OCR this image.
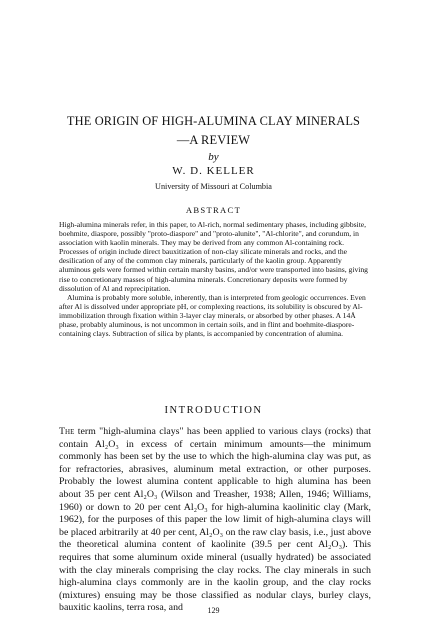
THE ORIGIN OF HIGH-ALUMINA CLAY MINERALS
—A REVIEW
by
W. D. KELLER
University of Missouri at Columbia
ABSTRACT

High-alumina minerals refer, in this paper, to Al-rich, normal sedimentary phases, including gibbsite, boehmite, diaspore, possibly "proto-diaspore" and "proto-alunite", "Al-chlorite", and corundum, in association with kaolin minerals. They may be derived from any common Al-containing rock. Processes of origin include direct bauxitization of non-clay silicate minerals and rocks, and the desilication of any of the common clay minerals, particularly of the kaolin group. Apparently aluminous gels were formed within certain marshy basins, and/or were transported into basins, giving rise to concretionary masses of high-alumina minerals. Concretionary deposits were formed by dissolution of Al and reprecipitation.

Alumina is probably more soluble, inherently, than is interpreted from geologic occurrences. Even after Al is dissolved under appropriate pH, or complexing reactions, its solubility is obscured by Al-immobilization through fixation within 3-layer clay minerals, or absorbed by other phases. A 14Å phase, probably aluminous, is not uncommon in certain soils, and in flint and boehmite-diaspore-containing clays. Subtraction of silica by plants, is accompanied by concentration of alumina.

INTRODUCTION

The term "high-alumina clays" has been applied to various clays (rocks) that contain Al₂O₃ in excess of certain minimum amounts—the minimum commonly has been set by the use to which the high-alumina clay was put, as for refractories, abrasives, aluminum metal extraction, or other purposes. Probably the lowest alumina content applicable to high alumina has been about 35 per cent Al₂O₃ (Wilson and Treasher, 1938; Allen, 1946; Williams, 1960) or down to 20 per cent Al₂O₃ for high-alumina kaolinitic clay (Mark, 1962), for the purposes of this paper the low limit of high-alumina clays will be placed arbitrarily at 40 per cent, Al₂O₃ on the raw clay basis, i.e., just above the theoretical alumina content of kaolinite (39.5 per cent Al₂O₃). This requires that some aluminum oxide mineral (usually hydrated) be associated with the clay minerals comprising the clay rocks. The clay minerals in such high-alumina clays commonly are in the kaolin group, and the clay rocks (mixtures) ensuing may be those classified as nodular clays, burley clays, bauxitic kaolins, terra rosa, and	129
